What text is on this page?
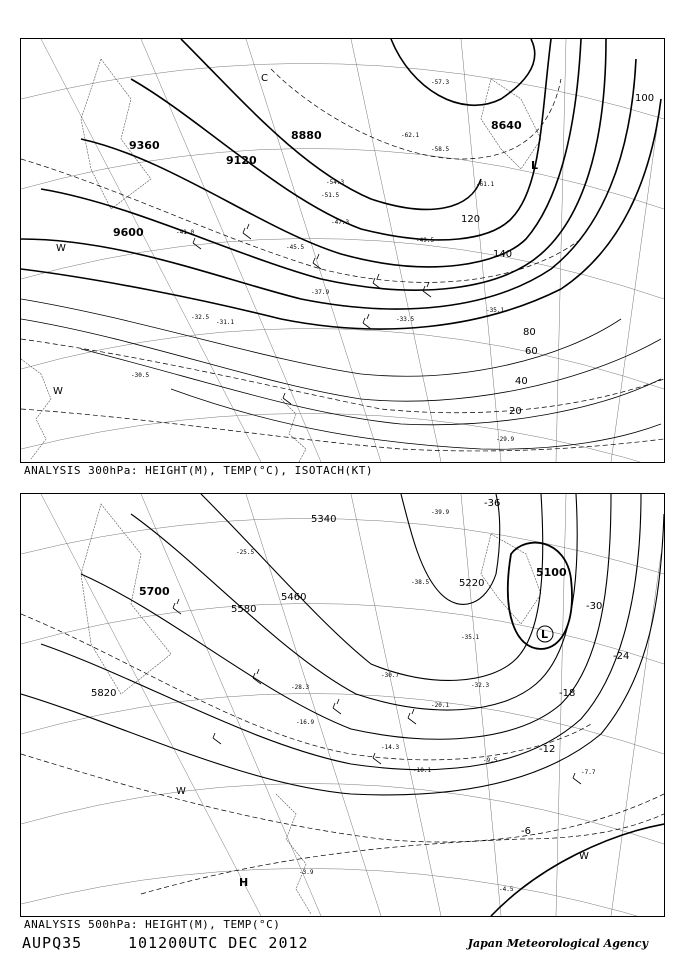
8640
8880
9120
9360
9600
20
40
60
80
100
120
140
-29.9
-30.5
-31.1
-32.5	-33.5
-35.1
-37.9
-41.0
-45.5
-47.3
-49.5
-51.5
-54.3
-57.3
-58.5
-61.1
-62.1
L
C
W
W
ANALYSIS 300hPa: HEIGHT(M), TEMP(°C), ISOTACH(KT)
5100
5220
5340
5460
5580
5700
5820
-6
-12
-18
-24
-30
-36
-39.9
-38.5
-35.1
-32.3
-30.7
-28.3
-25.5
-20.1
-16.9
-14.3
-10.1
-9.5
-7.7
-4.5
-3.9
L
H
W
W
ANALYSIS 500hPa: HEIGHT(M), TEMP(°C)
AUPQ35	101200UTC DEC 2012	Japan Meteorological Agency
